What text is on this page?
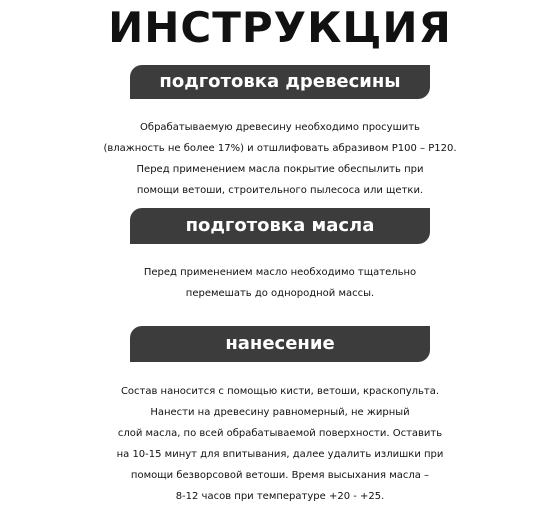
ИНСТРУКЦИЯ
подготовка древесины
Обрабатываемую древесину необходимо просушить
(влажность не более 17%) и отшлифовать абразивом Р100 – Р120.
Перед применением масла покрытие обеспылить при
помощи ветоши, строительного пылесоса или щетки.
подготовка масла
Перед применением масло необходимо тщательно
перемешать до однородной массы.
нанесение
Состав наносится с помощью кисти, ветоши, краскопульта.
Нанести на древесину равномерный, не жирный
слой масла, по всей обрабатываемой поверхности. Оставить
на 10-15 минут для впитывания, далее удалить излишки при
помощи безворсовой ветоши. Время высыхания масла –
8-12 часов при температуре +20 - +25.
